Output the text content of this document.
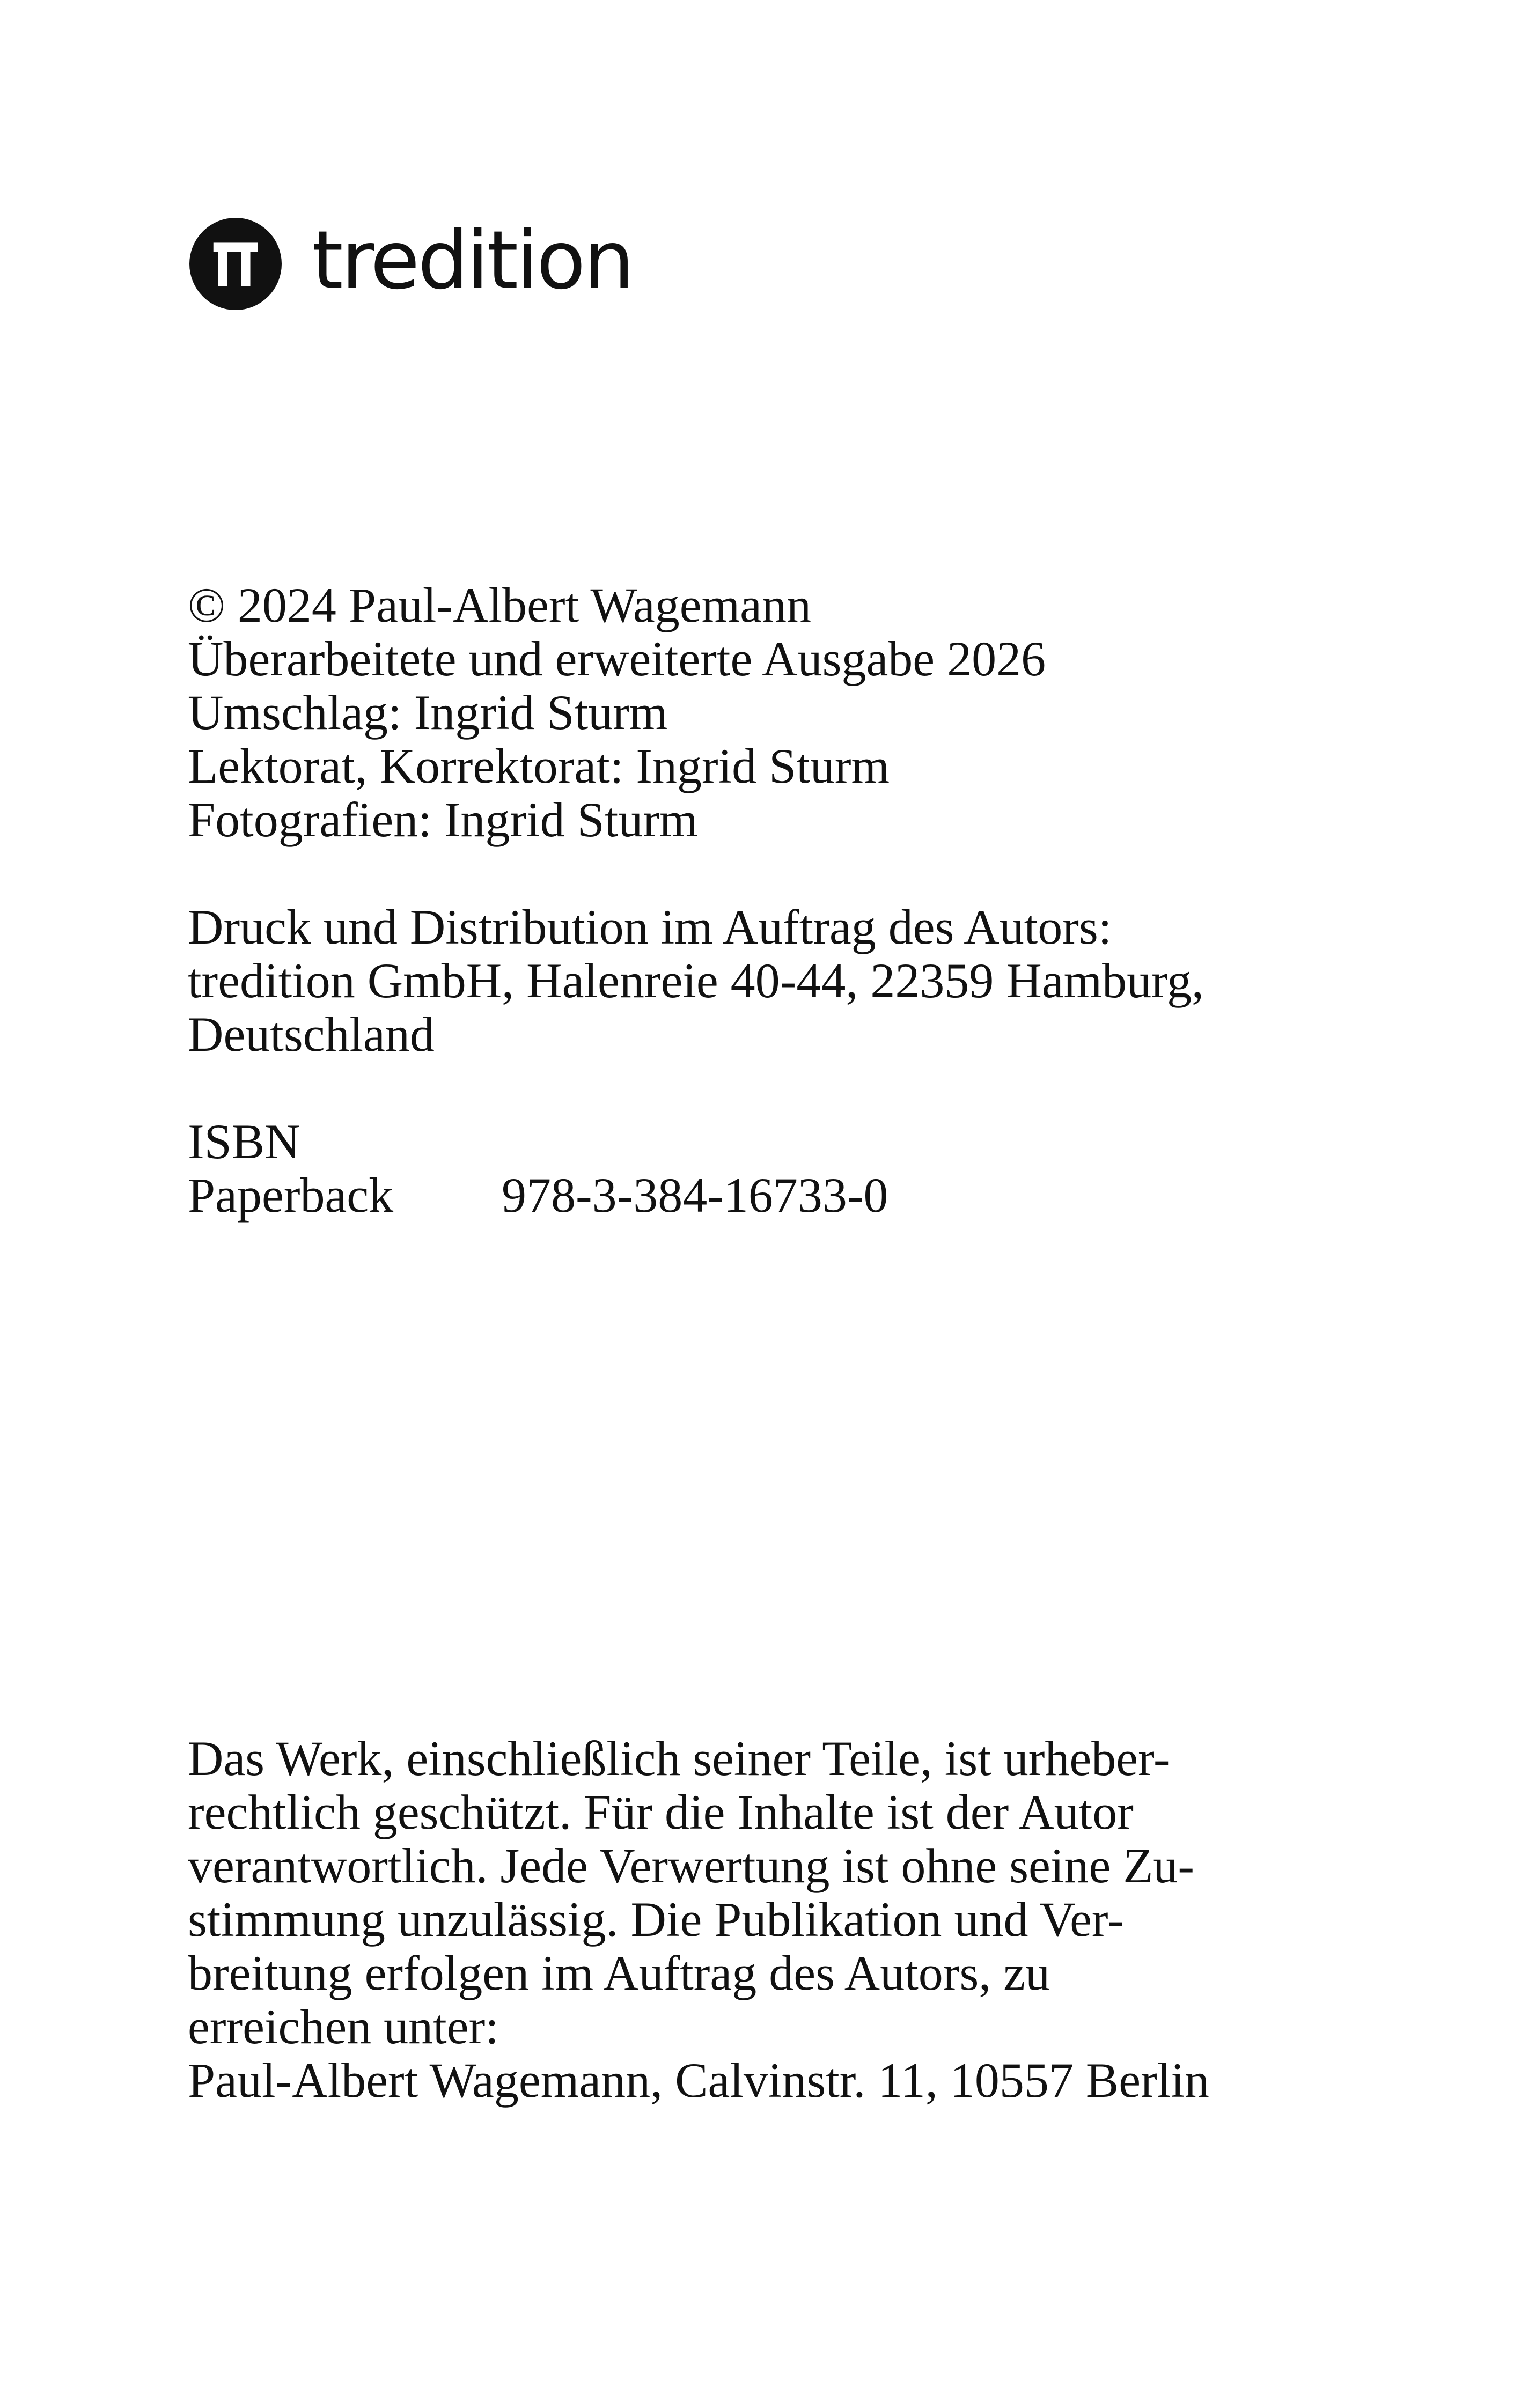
tredition
© 2024 Paul-Albert Wagemann
Überarbeitete und erweiterte Ausgabe 2026
Umschlag: Ingrid Sturm
Lektorat, Korrektorat: Ingrid Sturm
Fotografien: Ingrid Sturm
Druck und Distribution im Auftrag des Autors:
tredition GmbH, Halenreie 40-44, 22359 Hamburg,
Deutschland
ISBN
Paperback	978-3-384-16733-0
Das Werk, einschließlich seiner Teile, ist urheber-
rechtlich geschützt. Für die Inhalte ist der Autor
verantwortlich. Jede Verwertung ist ohne seine Zu-
stimmung unzulässig. Die Publikation und Ver-
breitung erfolgen im Auftrag des Autors, zu
erreichen unter:
Paul-Albert Wagemann, Calvinstr. 11, 10557 Berlin
